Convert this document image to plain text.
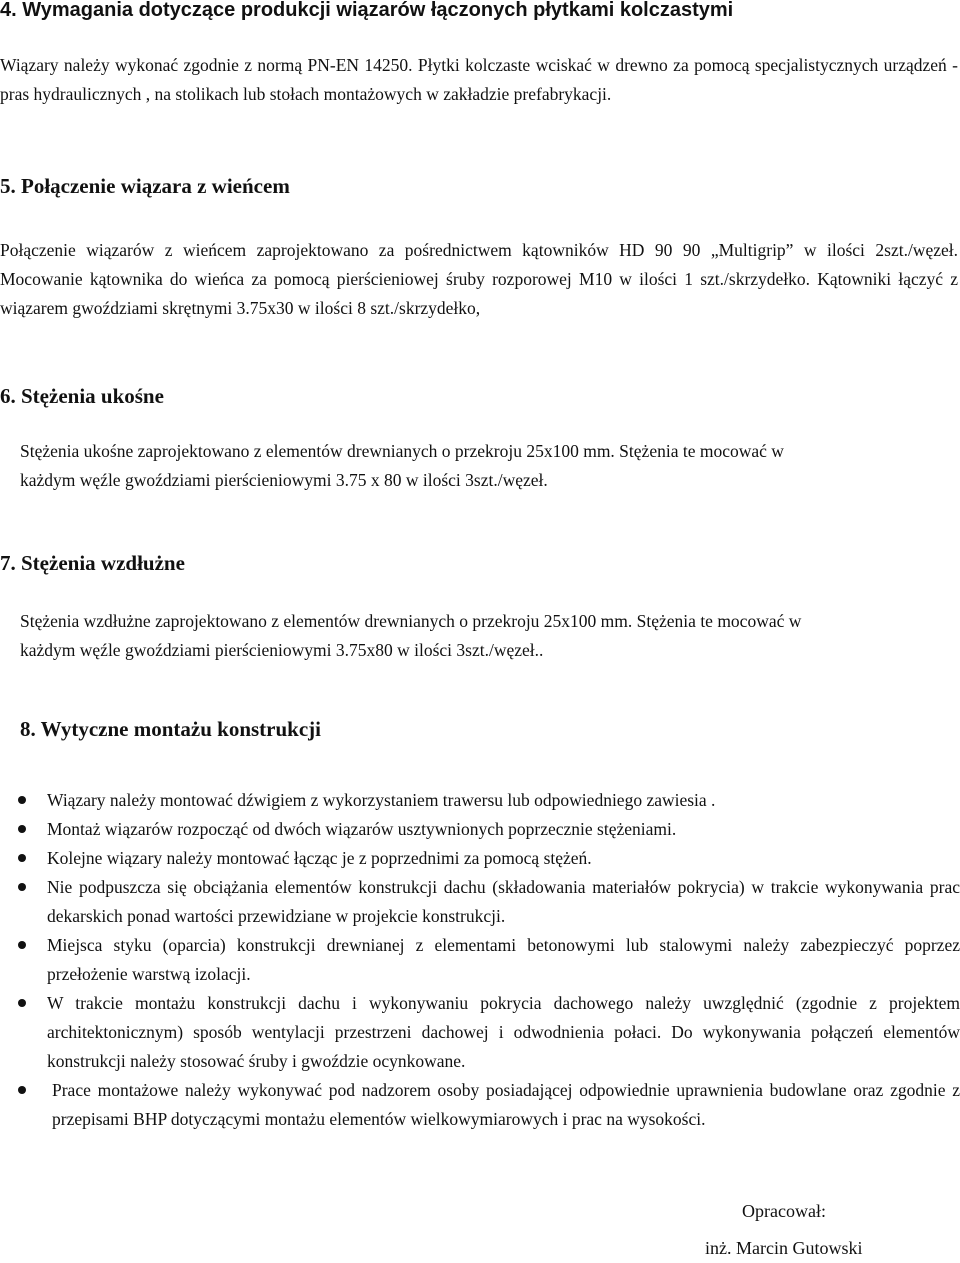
4. Wymagania dotyczące produkcji wiązarów łączonych płytkami kolczastymi
Wiązary należy wykonać zgodnie z normą PN-EN 14250. Płytki kolczaste wciskać w drewno za pomocą specjalistycznych urządzeń - pras hydraulicznych , na stolikach lub stołach montażowych w zakładzie prefabrykacji.
5. Połączenie wiązara z wieńcem
Połączenie wiązarów z wieńcem zaprojektowano za pośrednictwem kątowników HD 90 90 „Multigrip” w ilości 2szt./węzeł. Mocowanie kątownika do wieńca za pomocą pierścieniowej śruby rozporowej M10 w ilości 1 szt./skrzydełko. Kątowniki łączyć z wiązarem gwoździami skrętnymi 3.75x30 w ilości 8 szt./skrzydełko,
6. Stężenia ukośne
Stężenia ukośne zaprojektowano z elementów drewnianych o przekroju 25x100 mm. Stężenia te mocować w
każdym węźle gwoździami pierścieniowymi 3.75 x 80 w ilości 3szt./węzeł.
7. Stężenia wzdłużne
Stężenia wzdłużne zaprojektowano z elementów drewnianych o przekroju 25x100 mm. Stężenia te mocować w
każdym węźle gwoździami pierścieniowymi 3.75x80 w ilości 3szt./węzeł..
8. Wytyczne montażu konstrukcji
Wiązary należy montować dźwigiem z wykorzystaniem trawersu lub odpowiedniego zawiesia .
Montaż wiązarów rozpocząć od dwóch wiązarów usztywnionych poprzecznie stężeniami.
Kolejne wiązary należy montować łącząc je z poprzednimi za pomocą stężeń.
Nie podpuszcza się obciążania elementów konstrukcji dachu (składowania materiałów pokrycia) w trakcie wykonywania prac dekarskich ponad wartości przewidziane w projekcie konstrukcji.
Miejsca styku (oparcia) konstrukcji drewnianej z elementami betonowymi lub stalowymi należy zabezpieczyć poprzez przełożenie warstwą izolacji.
W trakcie montażu konstrukcji dachu i wykonywaniu pokrycia dachowego należy uwzględnić (zgodnie z projektem architektonicznym) sposób wentylacji przestrzeni dachowej i odwodnienia połaci. Do wykonywania połączeń elementów konstrukcji należy stosować śruby i gwoździe ocynkowane.
Prace montażowe należy wykonywać pod nadzorem osoby posiadającej odpowiednie uprawnienia budowlane oraz zgodnie z przepisami BHP dotyczącymi montażu elementów wielkowymiarowych i prac na wysokości.
Opracował:
inż. Marcin Gutowski
